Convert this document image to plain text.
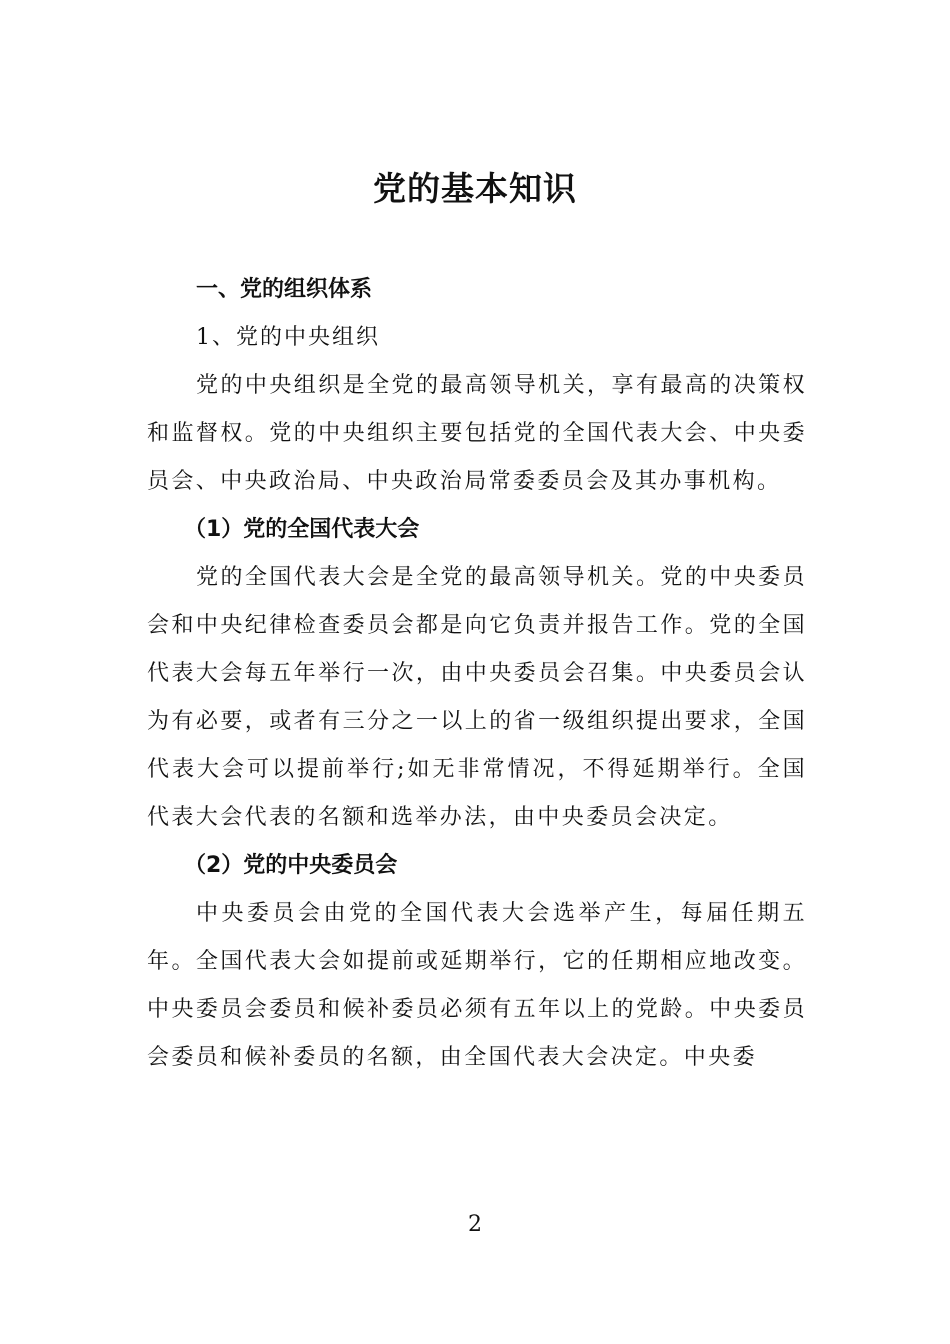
党的基本知识

一、党的组织体系

1、党的中央组织

党的中央组织是全党的最高领导机关，享有最高的决策权和监督权。党的中央组织主要包括党的全国代表大会、中央委员会、中央政治局、中央政治局常委委员会及其办事机构。

（1）党的全国代表大会

党的全国代表大会是全党的最高领导机关。党的中央委员会和中央纪律检查委员会都是向它负责并报告工作。党的全国代表大会每五年举行一次，由中央委员会召集。中央委员会认为有必要，或者有三分之一以上的省一级组织提出要求，全国代表大会可以提前举行;如无非常情况，不得延期举行。全国代表大会代表的名额和选举办法，由中央委员会决定。

（2）党的中央委员会

中央委员会由党的全国代表大会选举产生，每届任期五年。全国代表大会如提前或延期举行，它的任期相应地改变。中央委员会委员和候补委员必须有五年以上的党龄。中央委员会委员和候补委员的名额，由全国代表大会决定。中央委

2
